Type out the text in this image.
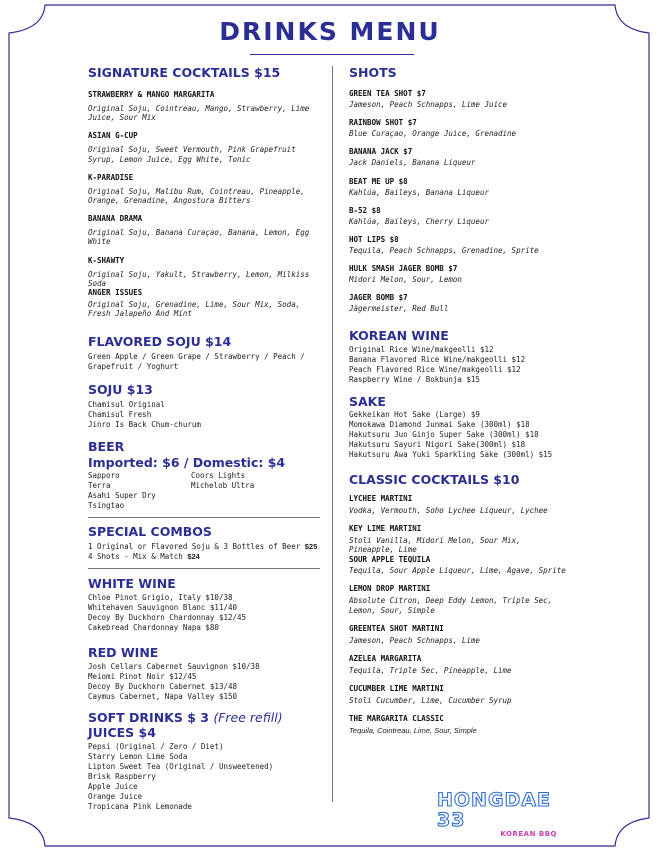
DRINKS MENU
SIGNATURE COCKTAILS $15
STRAWBERRY & MANGO MARGARITA
Original Soju, Cointreau, Mango, Strawberry, Lime Juice, Sour Mix
ASIAN G-CUP
Original Soju, Sweet Vermouth, Pink Grapefruit Syrup, Lemon Juice, Egg White, Tonic
K-PARADISE
Original Soju, Malibu Rum, Cointreau, Pineapple, Orange, Grenadine, Angostura Bitters
BANANA DRAMA
Original Soju, Banana Curaçao, Banana, Lemon, Egg White
K-SHAWTY
Original Soju, Yakult, Strawberry, Lemon, Milkiss Soda
ANGER ISSUES
Original Soju, Grenadine, Lime, Sour Mix, Soda, Fresh Jalapeño And Mint
FLAVORED SOJU $14
Green Apple / Green Grape / Strawberry / Peach / Grapefruit / Yoghurt
SOJU $13
Chamisul Original
Chamisul Fresh
Jinro Is Back Chum-churum
BEER
Imported: $6 / Domestic: $4
Sapporo
Terra
Asahi Super Dry
Tsingtao
Coors Lights
Michelob Ultra
SPECIAL COMBOS
1 Original or Flavored Soju & 3 Bottles of Beer $25
4 Shots - Mix & Match $24
WHITE WINE
Chloe Pinot Grigio, Italy $10/38
Whitehaven Sauvignon Blanc $11/40
Decoy By Duckhorn Chardonnay $12/45
Cakebread Chardonnay Napa $80
RED WINE
Josh Cellars Cabernet Sauvignon $10/38
Meiomi Pinot Noir $12/45
Decoy By Duckhorn Cabernet $13/48
Caymus Cabernet, Napa Valley $150
SOFT DRINKS $ 3 (Free refill)
JUICES $4
Pepsi (Original / Zero / Diet)
Starry Lemon Lime Soda
Lipton Sweet Tea (Original / Unsweetened)
Brisk Raspberry
Apple Juice
Orange Juice
Tropicana Pink Lemonade
SHOTS
GREEN TEA SHOT $7
Jameson, Peach Schnapps, Lime Juice
RAINBOW SHOT $7
Blue Curaçao, Orange Juice, Grenadine
BANANA JACK $7
Jack Daniels, Banana Liqueur
BEAT ME UP $8
Kahlúa, Baileys, Banana Liqueur
B-52 $8
Kahlúa, Baileys, Cherry Liqueur
HOT LIPS $8
Tequila, Peach Schnapps, Grenadine, Sprite
HULK SMASH JAGER BOMB $7
Midori Melon, Sour, Lemon
JAGER BOMB $7
Jägermeister, Red Bull
KOREAN WINE
Original Rice Wine/makgeolli $12
Banana Flavored Rice Wine/makgeolli $12
Peach Flavored Rice Wine/makgeolli $12
Raspberry Wine / Bokbunja $15
SAKE
Gekkeikan Hot Sake (Large) $9
Momokawa Diamond Junmai Sake (300ml) $18
Hakutsuru Jun Ginjo Super Sake (300ml) $18
Hakutsuru Sayuri Nigori Sake(300ml) $18
Hakutsuru Awa Yuki Sparkling Sake (300ml) $15
CLASSIC COCKTAILS $10
LYCHEE MARTINI
Vodka, Vermouth, Soho Lychee Liqueur, Lychee
KEY LIME MARTINI
Stoli Vanilla, Midori Melon, Sour Mix, Pineapple, Lime
SOUR APPLE TEQUILA
Tequila, Sour Apple Liqueur, Lime, Agave, Sprite
LEMON DROP MARTINI
Absolute Citron, Deep Eddy Lemon, Triple Sec, Lemon, Sour, Simple
GREENTEA SHOT MARTINI
Jameson, Peach Schnapps, Lime
AZELEA MARGARITA
Tequila, Triple Sec, Pineapple, Lime
CUCUMBER LIME MARTINI
Stoli Cucumber, Lime, Cucumber Syrup
THE MARGARITA CLASSIC
Tequila, Cointreau, Lime, Sour, Simple
HONGDAE 33
KOREAN BBQ
